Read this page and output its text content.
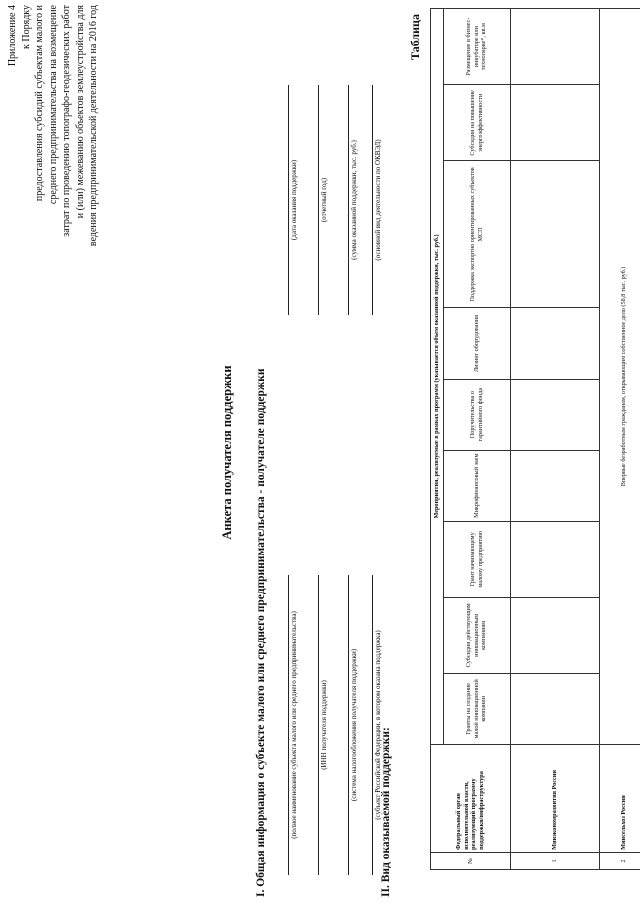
Приложение 4 к Порядку предоставления субсидий субъектам малого и среднего предпринимательства на возмещение затрат по проведению топографо-геодезических работ и (или) межеванию объектов землеустройства для ведения предпринимательской деятельности на 2016 год
Анкета получателя поддержки
(полное наименование субъекта малого или среднего предпринимательства)	(ИНН получателя поддержки)	(система налогообложения получателя поддержки) (субъект Российской Федерации, в котором оказана поддержка)
(дата оказания поддержки)	(отчетный год)	(сумма оказанной поддержки, тыс. руб.) (основной вид деятельности по ОКВЭД)
I. Общая информация о субъекте малого или среднего предпринимательства - получателе поддержки	II. Вид оказываемой поддержки:
Таблица
№	Федеральный орган исполнительной власти, реализующий программу поддержки/инфраструктура	Мероприятия, реализуемые в рамках программ (указывается объем оказанной поддержки, тыс. руб.)								
		Гранты на создание малой инновационной компании	Субсидия действующим инновационным компаниям	Грант начинающему малому предприятию	Микрофинансовый заем	Поручительства о гарантийного фонда	Лизинг оборудования	Поддержка экспортно ориентированных субъектов МСП	Субсидии на повышение энергоэффективности	Размещение в бизнес-инкубаторе или технопарке*, кв.м
1	Минэкономразвития России									
2	Минсельхоз России	Впервые безработным гражданам, открывающим собственное дело (58,8 тыс. руб.)								
